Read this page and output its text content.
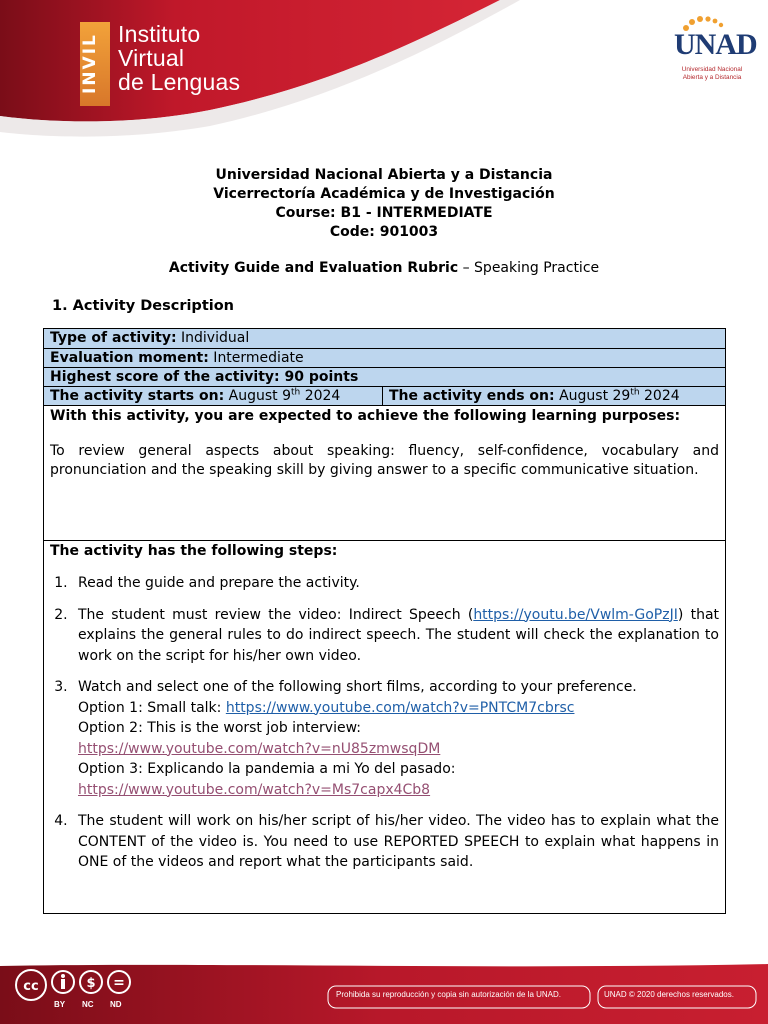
INVIL Instituto
Virtual
de Lenguas
UNAD
Universidad Nacional
Abierta y a Distancia
Universidad Nacional Abierta y a Distancia
Vicerrectoría Académica y de Investigación
Course: B1 - INTERMEDIATE
Code: 901003
Activity Guide and Evaluation Rubric – Speaking Practice
1. Activity Description
Type of activity: Individual
Evaluation moment: Intermediate
Highest score of the activity: 90 points
The activity starts on: August 9th 2024	The activity ends on: August 29th 2024
With this activity, you are expected to achieve the following learning purposes:
To review general aspects about speaking: fluency, self-confidence, vocabulary and pronunciation and the speaking skill by giving answer to a specific communicative situation.
The activity has the following steps:
1. Read the guide and prepare the activity.
2. The student must review the video: Indirect Speech (https://youtu.be/Vwlm-GoPzJI) that explains the general rules to do indirect speech. The student will check the explanation to work on the script for his/her own video.
3. Watch and select one of the following short films, according to your preference.
Option 1: Small talk: https://www.youtube.com/watch?v=PNTCM7cbrsc
Option 2: This is the worst job interview:
https://www.youtube.com/watch?v=nU85zmwsqDM
Option 3: Explicando la pandemia a mi Yo del pasado:
https://www.youtube.com/watch?v=Ms7capx4Cb8
4. The student will work on his/her script of his/her video. The video has to explain what the CONTENT of the video is. You need to use REPORTED SPEECH to explain what happens in ONE of the videos and report what the participants said.
cc	$ =
BY NC ND
Prohibida su reproducción y copia sin autorización de la UNAD.	UNAD © 2020 derechos reservados.
